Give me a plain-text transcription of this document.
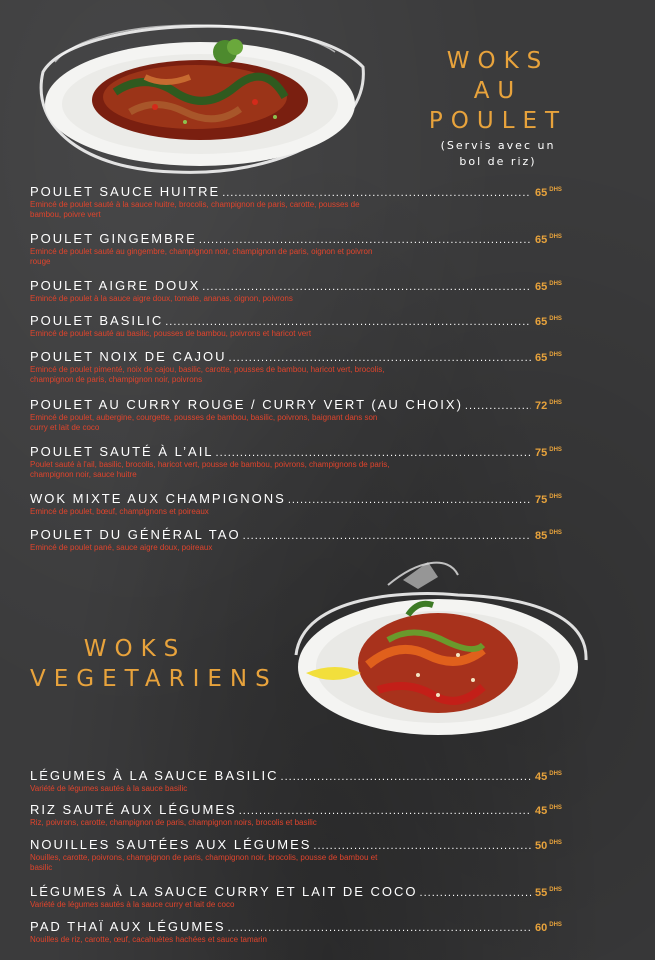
WOKS
AU POULET
(Servis avec un bol de riz)
POULET SAUCE HUITRE .....	65 $^{DHS}$
Emincé de poulet sauté à la sauce huitre, brocolis, champignon de paris, carotte, pousses de bambou, poivre vert
POULET GINGEMBRE .....	65 $^{DHS}$
Emincé de poulet sauté au gingembre, champignon noir, champignon de paris, oignon et poivron rouge
POULET AIGRE DOUX .....	65 $^{DHS}$
Emincé de poulet à la sauce aigre doux, tomate, ananas, oignon, poivrons
POULET BASILIC .....	65 $^{DHS}$
Emincé de poulet sauté au basilic, pousses de bambou, poivrons et haricot vert
POULET NOIX DE CAJOU .....	65 $^{DHS}$
Emincé de poulet pimenté, noix de cajou, basilic, carotte, pousses de bambou, haricot vert, brocolis, champignon de paris, champignon noir, poivrons
POULET AU CURRY ROUGE / CURRY VERT (AU CHOIX) .....	72 $^{DHS}$
Emincé de poulet, aubergine, courgette, pousses de bambou, basilic, poivrons, baignant dans son curry et lait de coco
POULET SAUTÉ À L’AIL .....	75 $^{DHS}$
Poulet sauté à l'ail, basilic, brocolis, haricot vert, pousse de bambou, poivrons, champignons de paris, champignon noir, sauce huitre
WOK MIXTE AUX CHAMPIGNONS .....	75 $^{DHS}$
Emincé de poulet, bœuf, champignons et poireaux
POULET DU GÉNÉRAL TAO .....	85 $^{DHS}$
Emincé de poulet pané, sauce aigre doux, poireaux
WOKS
VEGETARIENS
LÉGUMES À LA SAUCE BASILIC .....	45 $^{DHS}$
Variété de légumes sautés à la sauce basilic
RIZ SAUTÉ AUX LÉGUMES .....	45 $^{DHS}$
Riz, poivrons, carotte, champignon de paris, champignon noirs, brocolis et basilic
NOUILLES SAUTÉES AUX LÉGUMES .....	50 $^{DHS}$
Nouilles, carotte, poivrons, champignon de paris, champignon noir, brocolis, pousse de bambou et basilic
LÉGUMES À LA SAUCE CURRY ET LAIT DE COCO .....	55 $^{DHS}$
Variété de légumes sautés à la sauce curry et lait de coco
PAD THAÏ AUX LÉGUMES .....	60 $^{DHS}$
Nouilles de riz, carotte, œuf, cacahuètes hachées et sauce tamarin
